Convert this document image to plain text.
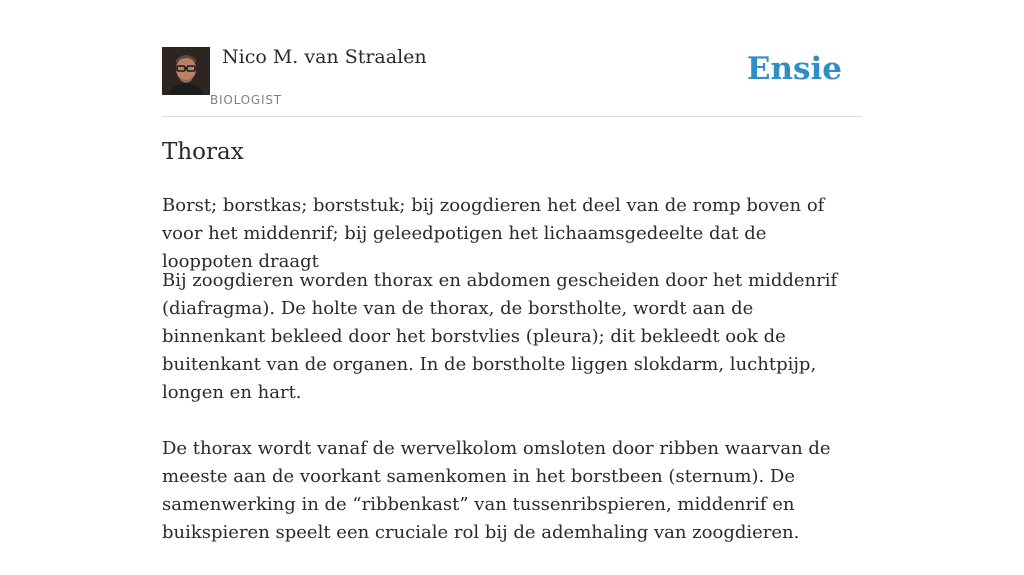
Nico M. van Straalen
BIOLOGIST
Ensie
Thorax
Borst; borstkas; borststuk; bij zoogdieren het deel van de romp boven of voor het middenrif; bij geleedpotigen het lichaamsgedeelte dat de looppoten draagt

Bij zoogdieren worden thorax en abdomen gescheiden door het middenrif (diafragma). De holte van de thorax, de borstholte, wordt aan de binnenkant bekleed door het borstvlies (pleura); dit bekleedt ook de buitenkant van de organen. In de borstholte liggen slokdarm, luchtpijp, longen en hart.

De thorax wordt vanaf de wervelkolom omsloten door ribben waarvan de meeste aan de voorkant samenkomen in het borstbeen (sternum). De samenwerking in de “ribbenkast” van tussenribspieren, middenrif en buikspieren speelt een cruciale rol bij de ademhaling van zoogdieren.
